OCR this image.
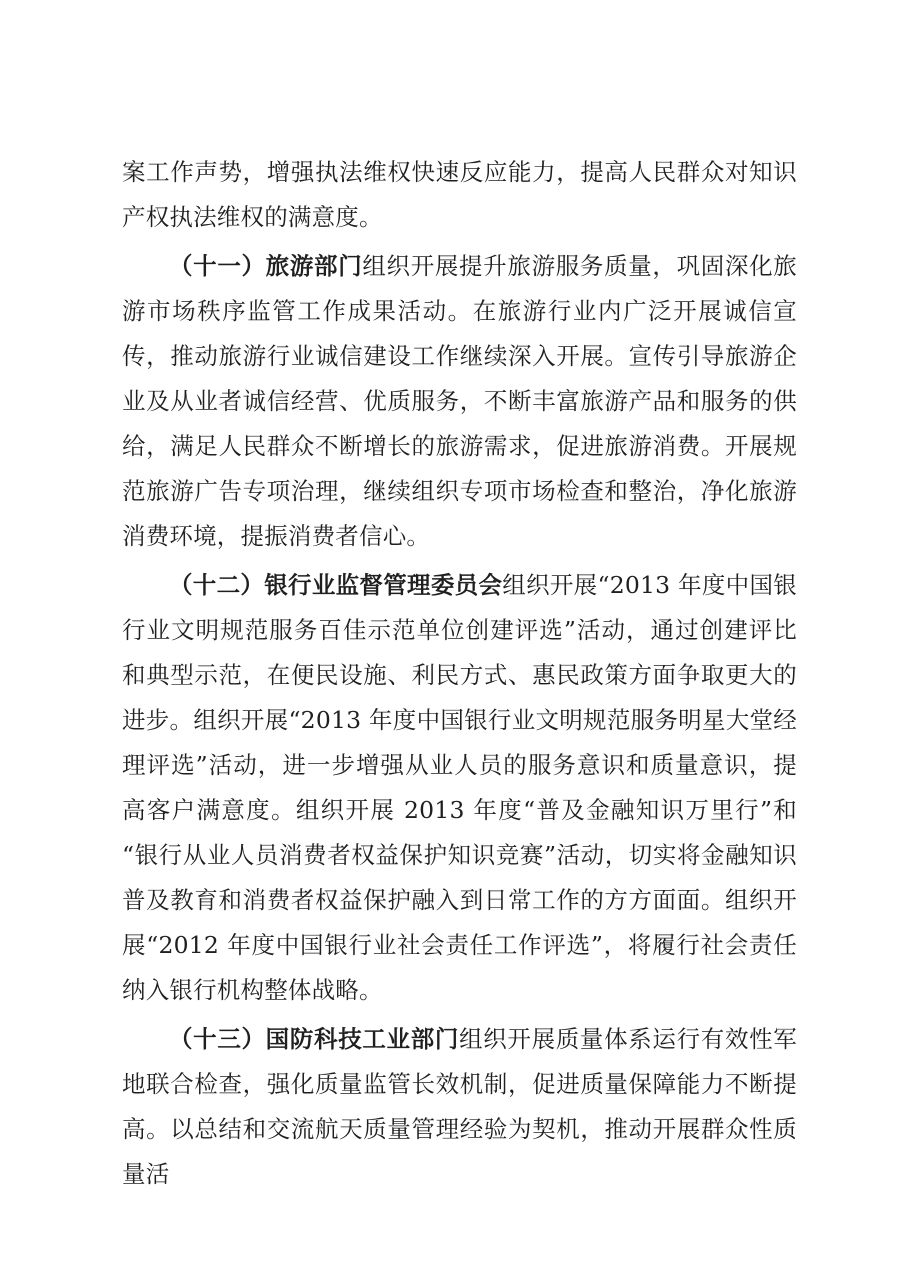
案工作声势，增强执法维权快速反应能力，提高人民群众对知识产权执法维权的满意度。

（十一）旅游部门组织开展提升旅游服务质量，巩固深化旅游市场秩序监管工作成果活动。在旅游行业内广泛开展诚信宣传，推动旅游行业诚信建设工作继续深入开展。宣传引导旅游企业及从业者诚信经营、优质服务，不断丰富旅游产品和服务的供给，满足人民群众不断增长的旅游需求，促进旅游消费。开展规范旅游广告专项治理，继续组织专项市场检查和整治，净化旅游消费环境，提振消费者信心。

（十二）银行业监督管理委员会组织开展“2013 年度中国银行业文明规范服务百佳示范单位创建评选”活动，通过创建评比和典型示范，在便民设施、利民方式、惠民政策方面争取更大的进步。组织开展“2013 年度中国银行业文明规范服务明星大堂经理评选”活动，进一步增强从业人员的服务意识和质量意识，提高客户满意度。组织开展 2013 年度“普及金融知识万里行”和“银行从业人员消费者权益保护知识竞赛”活动，切实将金融知识普及教育和消费者权益保护融入到日常工作的方方面面。组织开展“2012 年度中国银行业社会责任工作评选”，将履行社会责任纳入银行机构整体战略。

（十三）国防科技工业部门组织开展质量体系运行有效性军地联合检查，强化质量监管长效机制，促进质量保障能力不断提高。以总结和交流航天质量管理经验为契机，推动开展群众性质量活
